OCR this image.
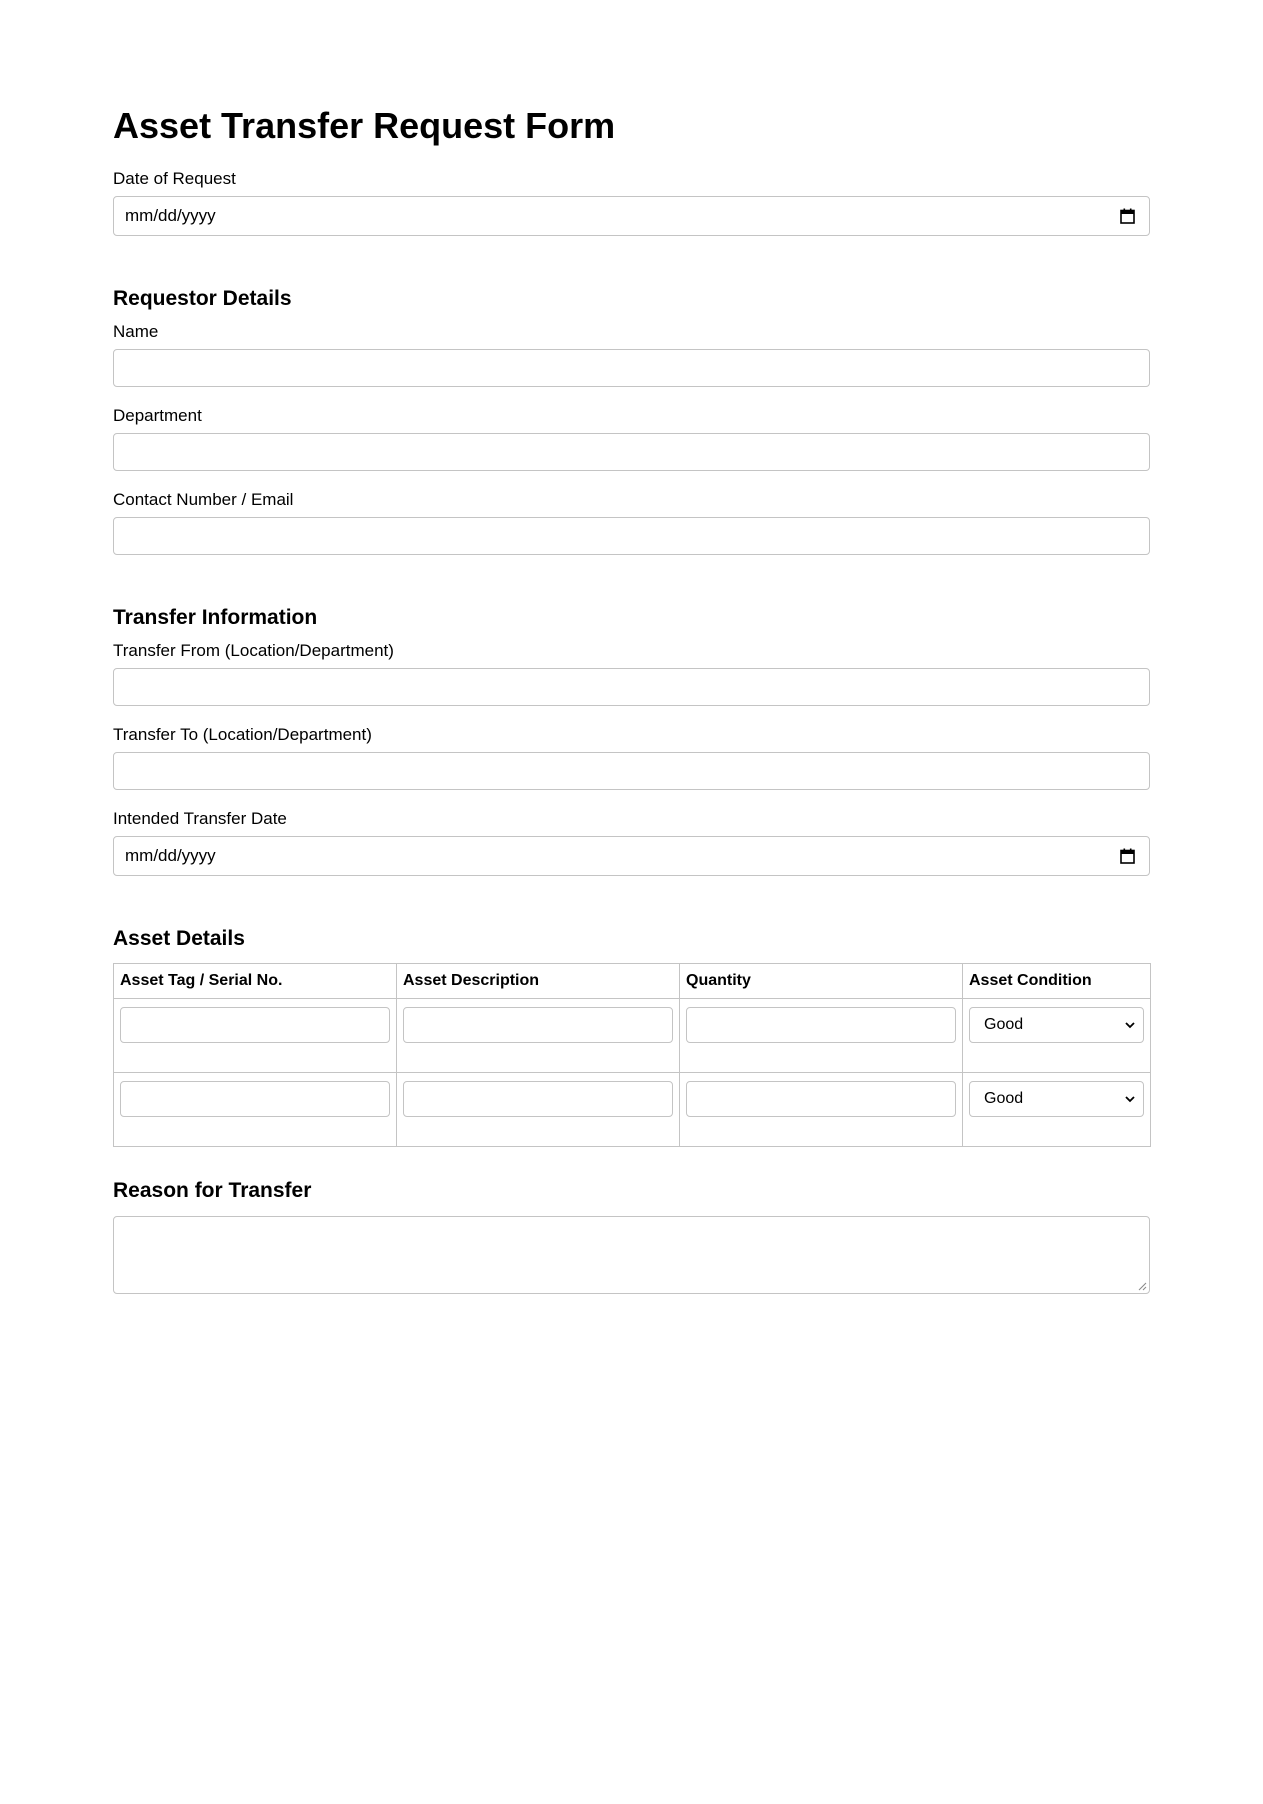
Asset Transfer Request Form
Date of Request
mm/dd/yyyy
Requestor Details
Name
Department
Contact Number / Email
Transfer Information
Transfer From (Location/Department)
Transfer To (Location/Department)
Intended Transfer Date
mm/dd/yyyy
Asset Details
Asset Tag / Serial No.	Asset Description	Quantity	Asset Condition

			Good

			Good
Reason for Transfer
